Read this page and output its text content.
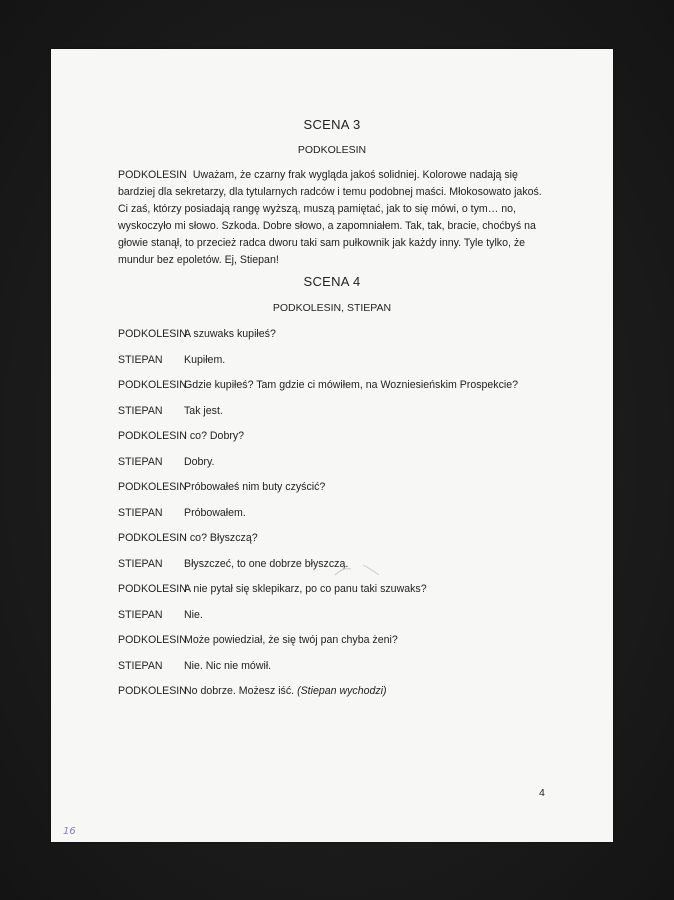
SCENA 3
PODKOLESIN

PODKOLESIN Uważam, że czarny frak wygląda jakoś solidniej. Kolorowe nadają się bardziej dla sekretarzy, dla tytularnych radców i temu podobnej maści. Młokosowato jakoś. Ci zaś, którzy posiadają rangę wyższą, muszą pamiętać, jak to się mówi, o tym… no, wyskoczyło mi słowo. Szkoda. Dobre słowo, a zapomniałem. Tak, tak, bracie, choćbyś na głowie stanął, to przecież radca dworu taki sam pułkownik jak każdy inny. Tyle tylko, że mundur bez epoletów. Ej, Stiepan!

SCENA 4
PODKOLESIN, STIEPAN
PODKOLESINA szuwaks kupiłeś?
STIEPAN Kupiłem.
PODKOLESINGdzie kupiłeś? Tam gdzie ci mówiłem, na Wozniesieńskim Prospekcie?
STIEPAN Tak jest.
PODKOLESINI co? Dobry?
STIEPAN Dobry.
PODKOLESINPróbowałeś nim buty czyścić?
STIEPAN Próbowałem.
PODKOLESINI co? Błyszczą?
STIEPAN Błyszczeć, to one dobrze błyszczą.
PODKOLESINA nie pytał się sklepikarz, po co panu taki szuwaks?
STIEPAN Nie.
PODKOLESINMoże powiedział, że się twój pan chyba żeni?
STIEPAN Nie. Nic nie mówił.
PODKOLESINNo dobrze. Możesz iść. (Stiepan wychodzi)
4
16
